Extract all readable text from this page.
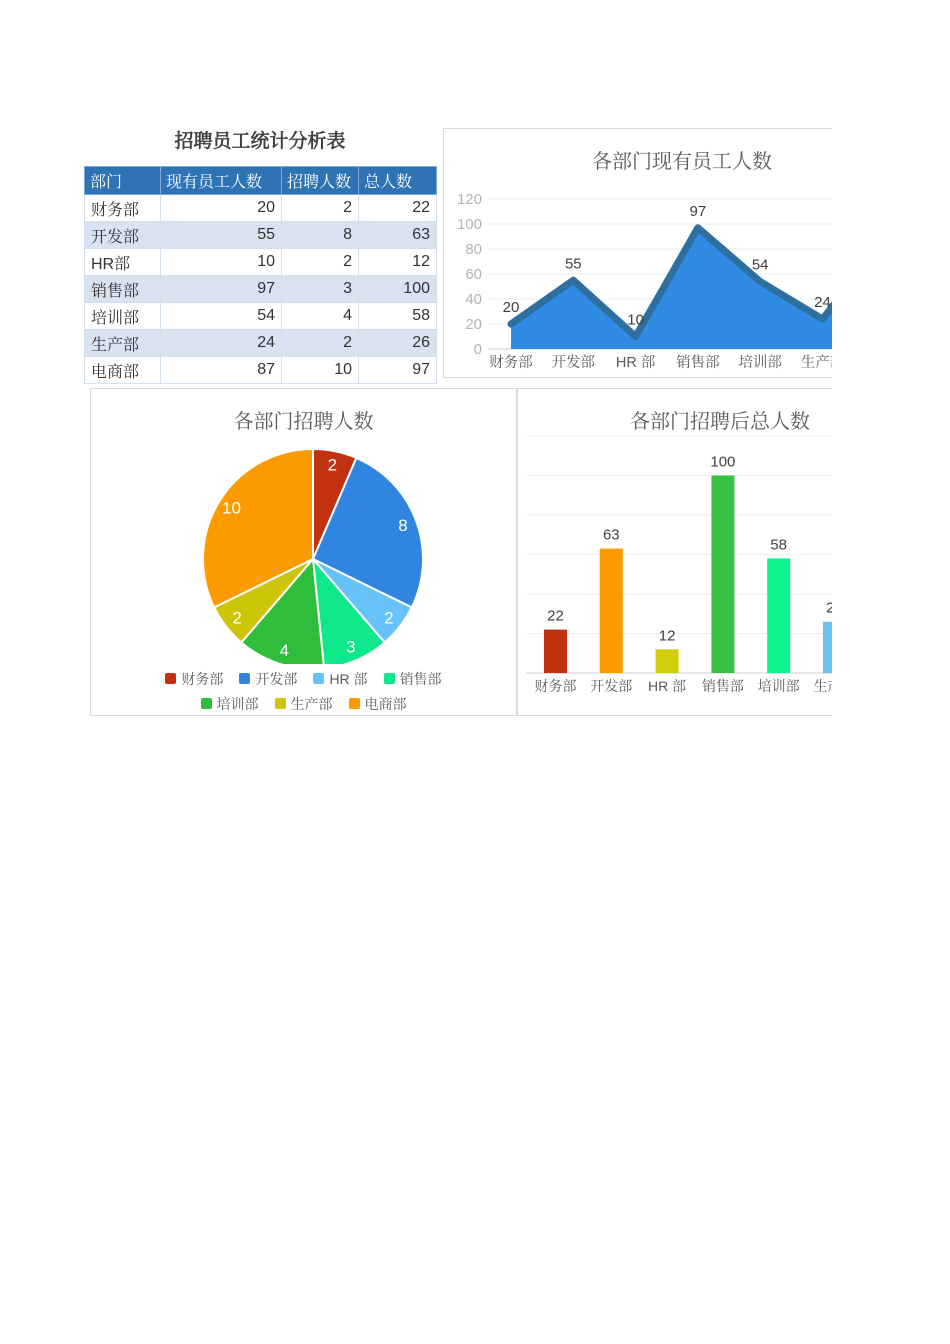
招聘员工统计分析表
部门	现有员工人数	招聘人数	总人数
财务部	20	2	22
开发部	55	8	63
HR部	10	2	12
销售部	97	3	100
培训部	54	4	58
生产部	24	2	26
电商部	87	10	97
各部门现有员工人数
0
20
40
60
80
100
120
20
财务部
55
开发部
10
HR 部
97
销售部
54
培训部
24
生产部
87
电商部
各部门招聘人数
2
8
2
3
4
2
10
财务部 开发部 HR 部 销售部
培训部 生产部 电商部
各部门招聘后总人数
22
财务部
63
开发部
12
HR 部
100
销售部
58
培训部
26
生产部
97
电商部
